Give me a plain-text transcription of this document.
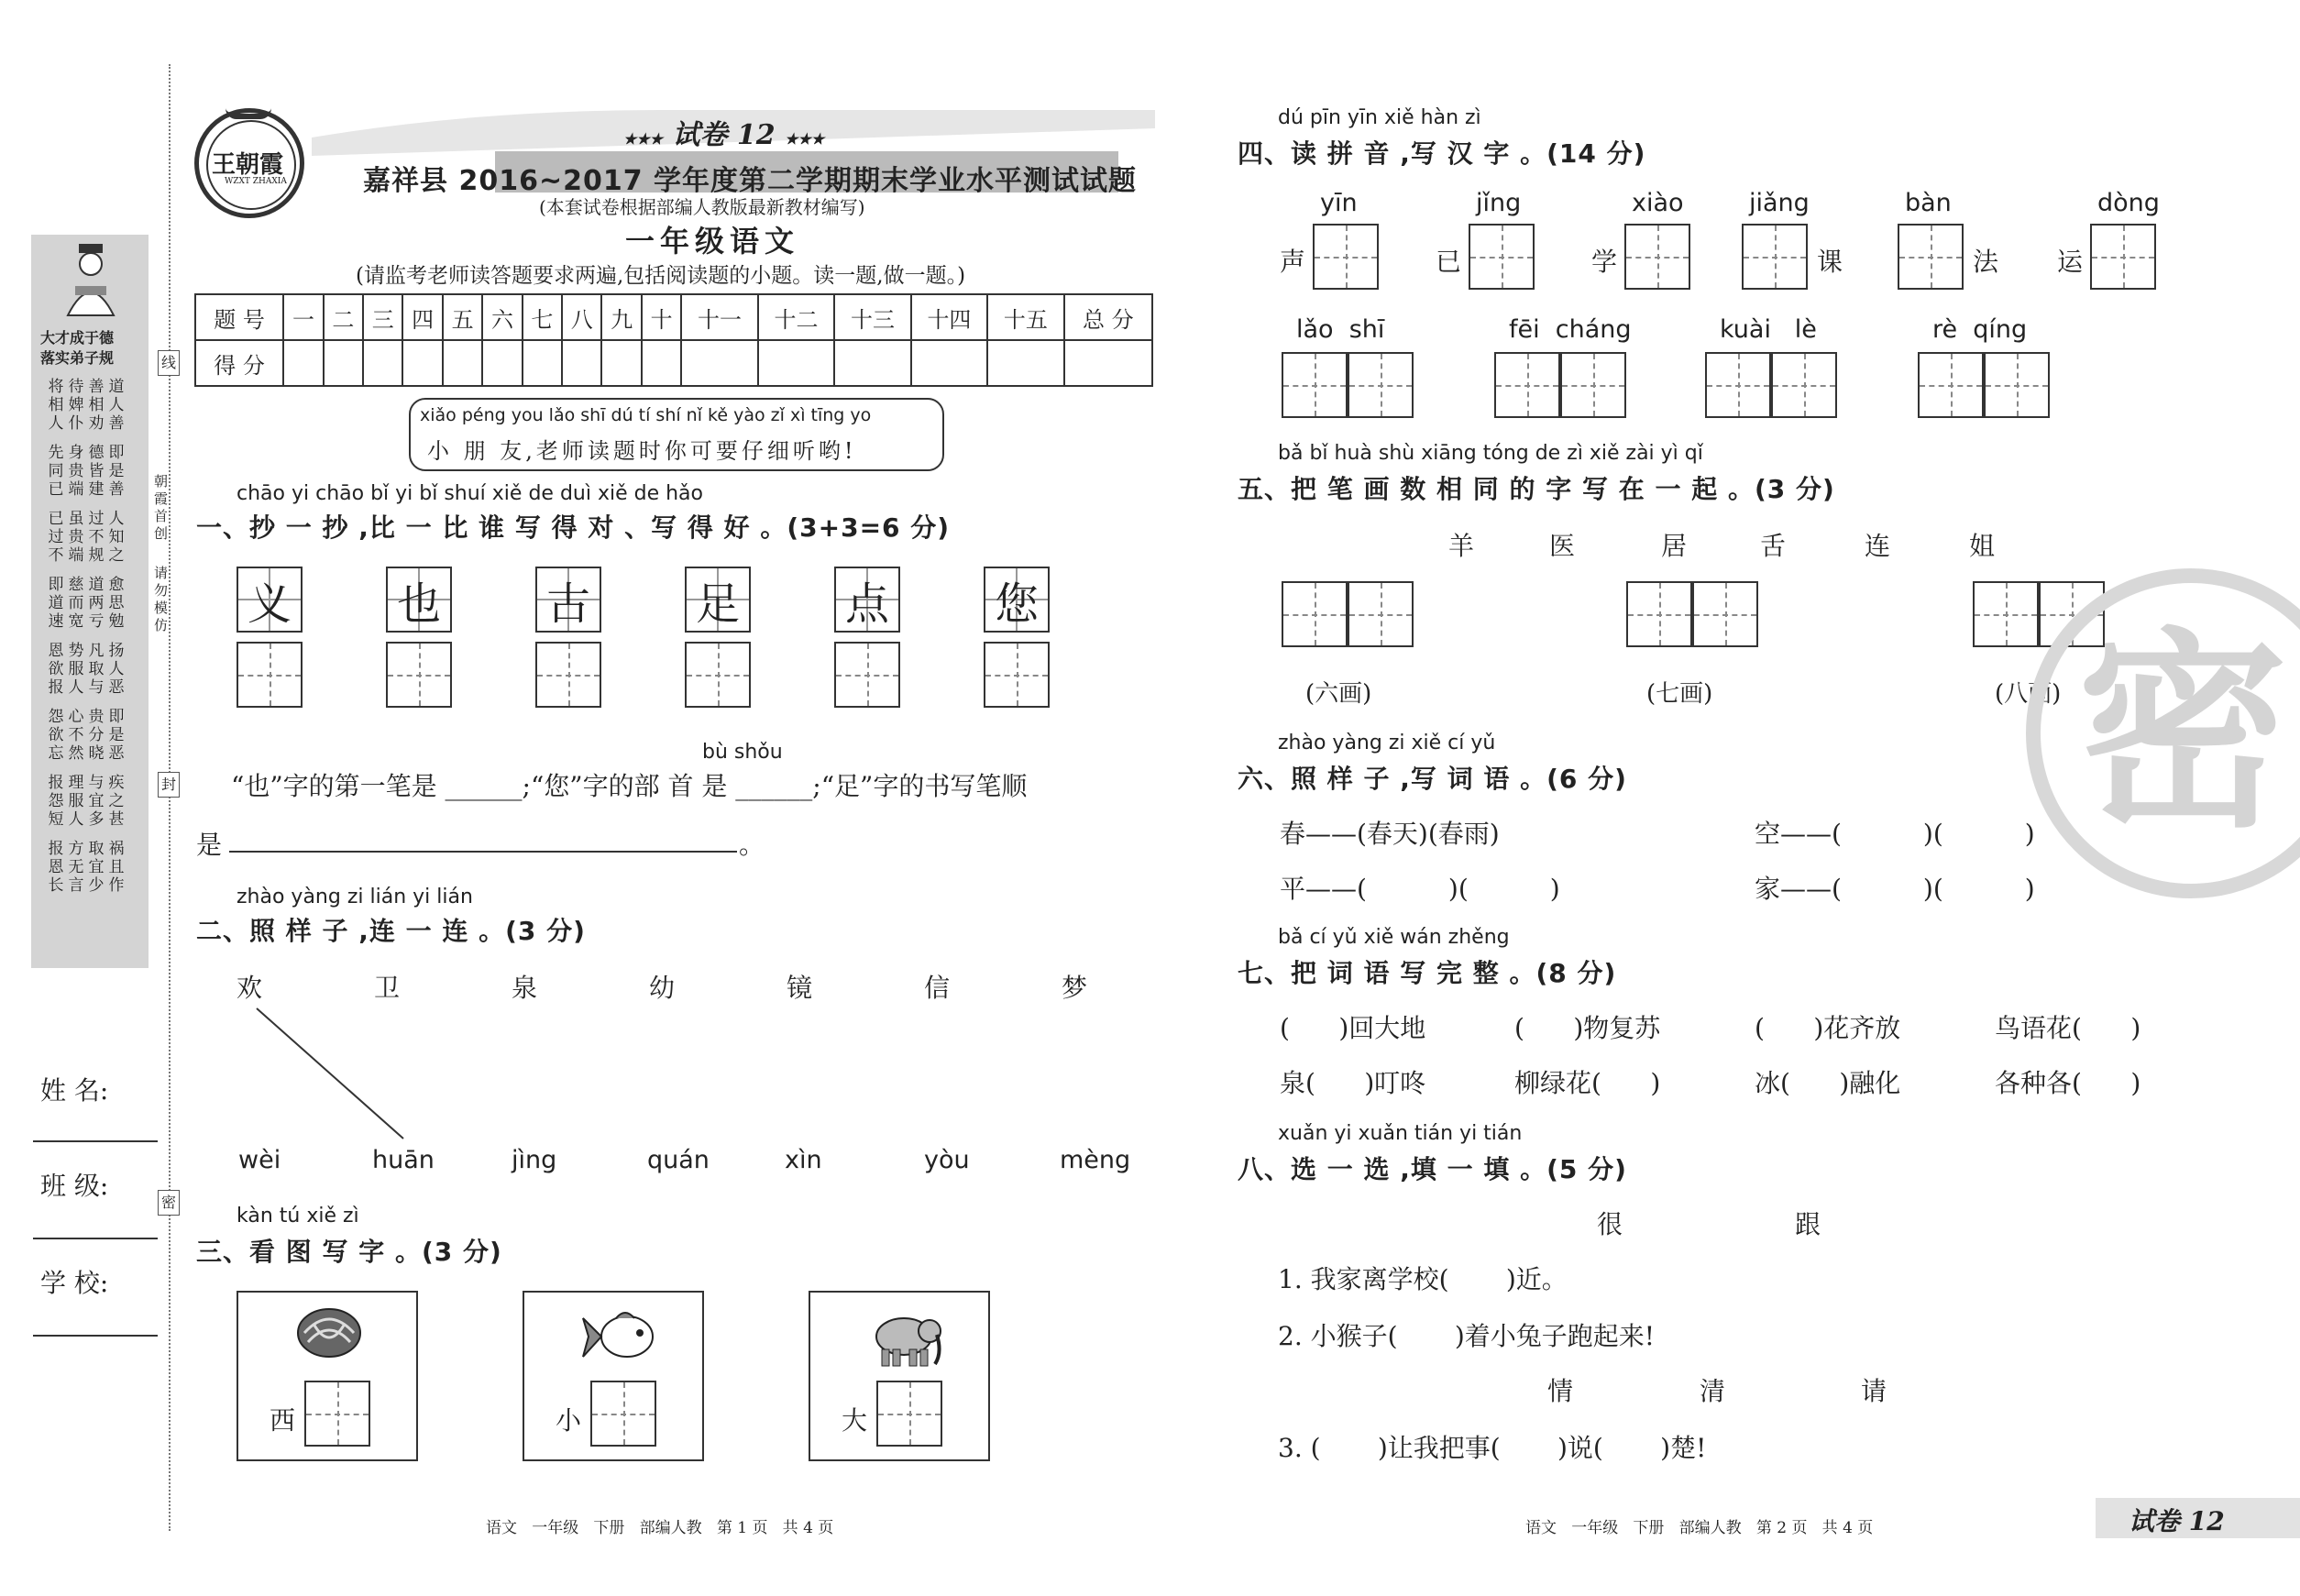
线
封
密
大才成于德
落实弟子规
道人善
即是善
人知之
愈思勉
扬人恶
即是恶
疾之甚
祸且作
善相劝
德皆建
过不规
道两亏
凡取与
贵分晓
与宜多
取宜少
待婢仆
身贵端
虽贵端
慈而宽
势服人
心不然
理服人
方无言
将相人
先同已
已过不
即道速
恩欲报
怨欲忘
报怨短
报恩长
朝霞首创
请勿模仿
姓 名:
班 级:
学 校:
王朝霞
WZXT ZHAXIA
★★★ 试卷 12 ★★★
嘉祥县 2016~2017 学年度第二学期期末学业水平测试试题
(本套试卷根据部编人教版最新教材编写)
一年级语文
(请监考老师读答题要求两遍,包括阅读题的小题。读一题,做一题。)
题 号	一	二	三	四	五	六	七	八	九	十	十一	十二	十三	十四	十五	总 分
得 分																
xiǎo péng you lǎo shī dú tí shí nǐ kě yào zǐ xì tīng yo
小 朋 友,老师读题时你可要仔细听哟!
chāo yi chāo bǐ yi bǐ shuí xiě de duì xiě de hǎo
一、抄 一 抄 ,比 一 比 谁 写 得 对 、写 得 好 。(3+3=6 分)
义 也 古 足 点 您
bù shǒu
“也”字的第一笔是 ______;“您”字的部 首 是 ______;“足”字的书写笔顺
是	。
zhào yàng zi lián yi lián
二、照 样 子 ,连 一 连 。(3 分)
欢	卫	泉	幼	镜	信	梦
wèi	huān	jìng	quán	xìn	yòu	mèng
kàn tú xiě zì
三、看 图 写 字 。(3 分)
西	小	大
语文   一年级   下册   部编人教   第 1 页   共 4 页
dú pīn yīn xiě hàn zì
四、读 拼 音 ,写 汉 字 。(14 分)
yīn
声
jǐng
已
xiào
学
jiǎng
课
bàn
法
dòng
运
lǎo  shī	fēi  cháng	kuài   lè	rè  qíng
bǎ bǐ huà shù xiāng tóng de zì xiě zài yì qǐ
五、把 笔 画 数 相 同 的 字 写 在 一 起 。(3 分)
羊	医	居	舌	连	姐
(六画)	(七画)	(八画)
zhào yàng zi xiě cí yǔ
六、照 样 子 ,写 词 语 。(6 分)
春——(春天)(春雨)	空——(          )(          )
平——(          )(          )	家——(          )(          )
bǎ cí yǔ xiě wán zhěng
七、把 词 语 写 完 整 。(8 分)
(      )回大地	(      )物复苏	(      )花齐放	鸟语花(      )
泉(      )叮咚	柳绿花(      )	冰(      )融化	各种各(      )
xuǎn yi xuǎn tián yi tián
八、选 一 选 ,填 一 填 。(5 分)
很	跟
1. 我家离学校(       )近。
2. 小猴子(       )着小兔子跑起来!
情	清	请
3. (       )让我把事(       )说(       )楚!
密
语文   一年级   下册   部编人教   第 2 页   共 4 页	试卷 12
